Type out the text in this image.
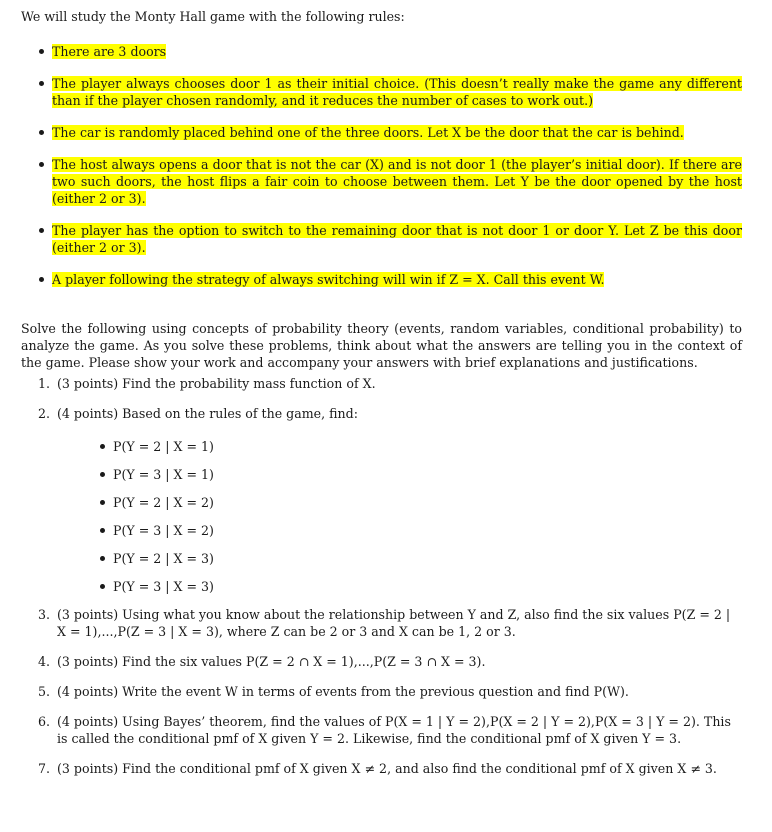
We will study the Monty Hall game with the following rules:
There are 3 doors
The player always chooses door 1 as their initial choice. (This doesn’t really make the game any different than if the player chosen randomly, and it reduces the number of cases to work out.)
The car is randomly placed behind one of the three doors. Let X be the door that the car is behind.
The host always opens a door that is not the car (X) and is not door 1 (the player’s initial door). If there are two such doors, the host flips a fair coin to choose between them. Let Y be the door opened by the host (either 2 or 3).
The player has the option to switch to the remaining door that is not door 1 or door Y. Let Z be this door (either 2 or 3).
A player following the strategy of always switching will win if Z = X. Call this event W.
Solve the following using concepts of probability theory (events, random variables, conditional probability) to analyze the game. As you solve these problems, think about what the answers are telling you in the context of the game. Please show your work and accompany your answers with brief explanations and justifications.
1. (3 points) Find the probability mass function of X.
2. (4 points) Based on the rules of the game, find:
P(Y = 2 | X = 1)
P(Y = 3 | X = 1)
P(Y = 2 | X = 2)
P(Y = 3 | X = 2)
P(Y = 2 | X = 3)
P(Y = 3 | X = 3)
3. (3 points) Using what you know about the relationship between Y and Z, also find the six values P(Z = 2 | X = 1),...,P(Z = 3 | X = 3), where Z can be 2 or 3 and X can be 1, 2 or 3.
4. (3 points) Find the six values P(Z = 2 ∩ X = 1),...,P(Z = 3 ∩ X = 3).
5. (4 points) Write the event W in terms of events from the previous question and find P(W).
6. (4 points) Using Bayes’ theorem, find the values of P(X = 1 | Y = 2),P(X = 2 | Y = 2),P(X = 3 | Y = 2). This is called the conditional pmf of X given Y = 2. Likewise, find the conditional pmf of X given Y = 3.
7. (3 points) Find the conditional pmf of X given X ≠ 2, and also find the conditional pmf of X given X ≠ 3.
